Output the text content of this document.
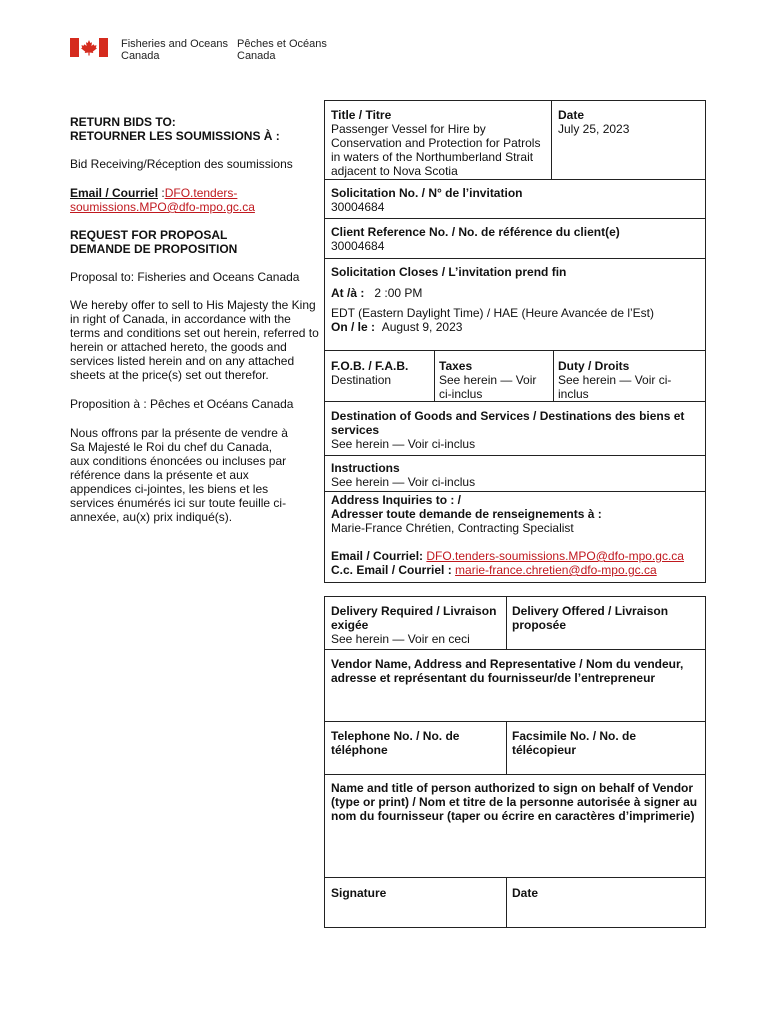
Fisheries and Oceans
Canada
Pêches et Océans
Canada
RETURN BIDS TO:
RETOURNER LES SOUMISSIONS À :
Bid Receiving/Réception des soumissions
Email / Courriel :DFO.tenders-
soumissions.MPO@dfo-mpo.gc.ca
REQUEST FOR PROPOSAL
DEMANDE DE PROPOSITION
Proposal to: Fisheries and Oceans Canada
We hereby offer to sell to His Majesty the King
in right of Canada, in accordance with the
terms and conditions set out herein, referred to
herein or attached hereto, the goods and
services listed herein and on any attached
sheets at the price(s) set out therefor.
Proposition à : Pêches et Océans Canada
Nous offrons par la présente de vendre à
Sa Majesté le Roi du chef du Canada,
aux conditions énoncées ou incluses par
référence dans la présente et aux
appendices ci-jointes, les biens et les
services énumérés ici sur toute feuille ci-
annexée, au(x) prix indiqué(s).
Title / Titre
Passenger Vessel for Hire by
Conservation and Protection for Patrols
in waters of the Northumberland Strait
adjacent to Nova Scotia
Date
July 25, 2023
Solicitation No. / N° de l’invitation
30004684
Client Reference No. / No. de référence du client(e)
30004684
Solicitation Closes / L’invitation prend fin
At /à : 2 :00 PM
EDT (Eastern Daylight Time) / HAE (Heure Avancée de l’Est)
On / le : August 9, 2023
F.O.B. / F.A.B.
Destination
Taxes
See herein — Voir
ci-inclus
Duty / Droits
See herein — Voir ci-
inclus
Destination of Goods and Services / Destinations des biens et
services
See herein — Voir ci-inclus
Instructions
See herein — Voir ci-inclus
Address Inquiries to : /
Adresser toute demande de renseignements à :
Marie-France Chrétien, Contracting Specialist
Email / Courriel: DFO.tenders-soumissions.MPO@dfo-mpo.gc.ca
C.c. Email / Courriel : marie-france.chretien@dfo-mpo.gc.ca
Delivery Required / Livraison
exigée
See herein — Voir en ceci
Delivery Offered / Livraison
proposée
Vendor Name, Address and Representative / Nom du vendeur,
adresse et représentant du fournisseur/de l’entrepreneur
Telephone No. / No. de
téléphone
Facsimile No. / No. de
télécopieur
Name and title of person authorized to sign on behalf of Vendor
(type or print) / Nom et titre de la personne autorisée à signer au
nom du fournisseur (taper ou écrire en caractères d’imprimerie)
Signature	Date
